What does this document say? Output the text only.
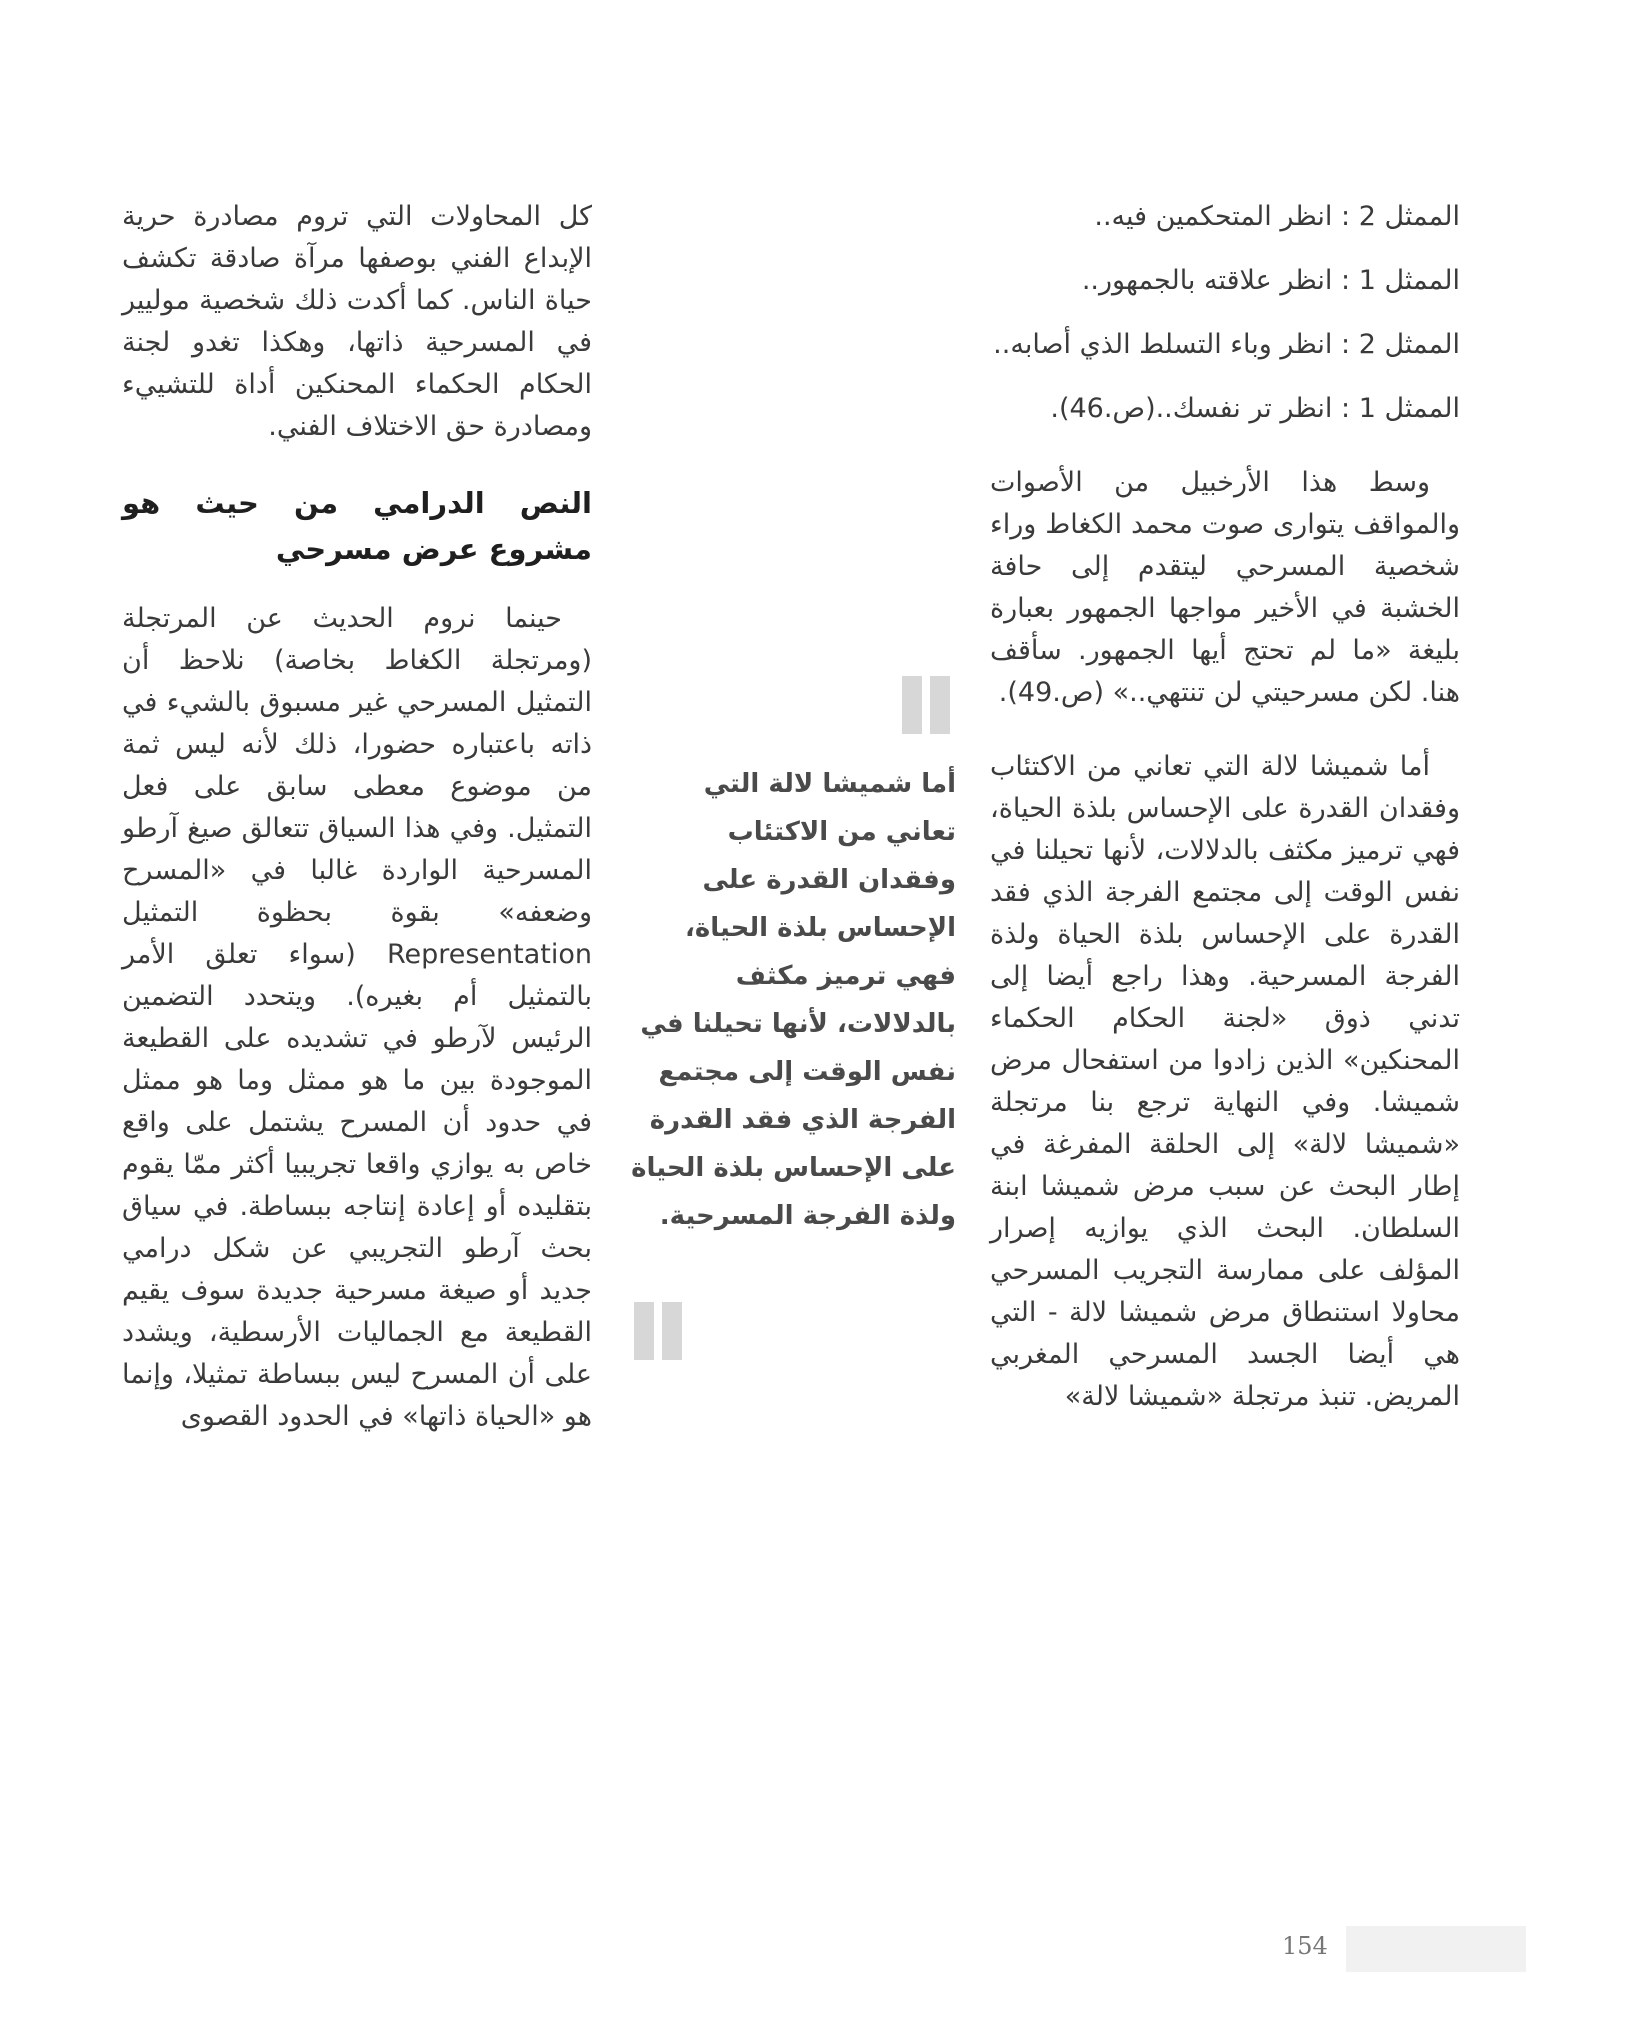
الممثل 2 : انظر المتحكمين فيه..

الممثل 1 : انظر علاقته بالجمهور..

الممثل 2 : انظر وباء التسلط الذي أصابه..

الممثل 1 : انظر تر نفسك..(ص.46).

وسط هذا الأرخبيل من الأصوات والمواقف يتوارى صوت محمد الكغاط وراء شخصية المسرحي ليتقدم إلى حافة الخشبة في الأخير مواجها الجمهور بعبارة بليغة «ما لم تحتج أيها الجمهور. سأقف هنا. لكن مسرحيتي لن تنتهي..» (ص.49).

أما شميشا لالة التي تعاني من الاكتئاب وفقدان القدرة على الإحساس بلذة الحياة، فهي ترميز مكثف بالدلالات، لأنها تحيلنا في نفس الوقت إلى مجتمع الفرجة الذي فقد القدرة على الإحساس بلذة الحياة ولذة الفرجة المسرحية. وهذا راجع أيضا إلى تدني ذوق «لجنة الحكام الحكماء المحنكين» الذين زادوا من استفحال مرض شميشا. وفي النهاية ترجع بنا مرتجلة «شميشا لالة» إلى الحلقة المفرغة في إطار البحث عن سبب مرض شميشا ابنة السلطان. البحث الذي يوازيه إصرار المؤلف على ممارسة التجريب المسرحي محاولا استنطاق مرض شميشا لالة - التي هي أيضا الجسد المسرحي المغربي المريض. تنبذ مرتجلة «شميشا لالة»

أما شميشا لالة التي تعاني من الاكتئاب وفقدان القدرة على الإحساس بلذة الحياة، فهي ترميز مكثف بالدلالات، لأنها تحيلنا في نفس الوقت إلى مجتمع الفرجة الذي فقد القدرة على الإحساس بلذة الحياة ولذة الفرجة المسرحية.

كل المحاولات التي تروم مصادرة حرية الإبداع الفني بوصفها مرآة صادقة تكشف حياة الناس. كما أكدت ذلك شخصية موليير في المسرحية ذاتها، وهكذا تغدو لجنة الحكام الحكماء المحنكين أداة للتشييء ومصادرة حق الاختلاف الفني.

النص الدرامي من حيث هو مشروع عرض مسرحي

حينما نروم الحديث عن المرتجلة (ومرتجلة الكغاط بخاصة) نلاحظ أن التمثيل المسرحي غير مسبوق بالشيء في ذاته باعتباره حضورا، ذلك لأنه ليس ثمة من موضوع معطى سابق على فعل التمثيل. وفي هذا السياق تتعالق صيغ آرطو المسرحية الواردة غالبا في «المسرح وضعفه» بقوة بحظوة التمثيل Representation (سواء تعلق الأمر بالتمثيل أم بغيره). ويتحدد التضمين الرئيس لآرطو في تشديده على القطيعة الموجودة بين ما هو ممثل وما هو ممثل في حدود أن المسرح يشتمل على واقع خاص به يوازي واقعا تجريبيا أكثر ممّا يقوم بتقليده أو إعادة إنتاجه ببساطة. في سياق بحث آرطو التجريبي عن شكل درامي جديد أو صيغة مسرحية جديدة سوف يقيم القطيعة مع الجماليات الأرسطية، ويشدد على أن المسرح ليس ببساطة تمثيلا، وإنما هو «الحياة ذاتها» في الحدود القصوى

154
